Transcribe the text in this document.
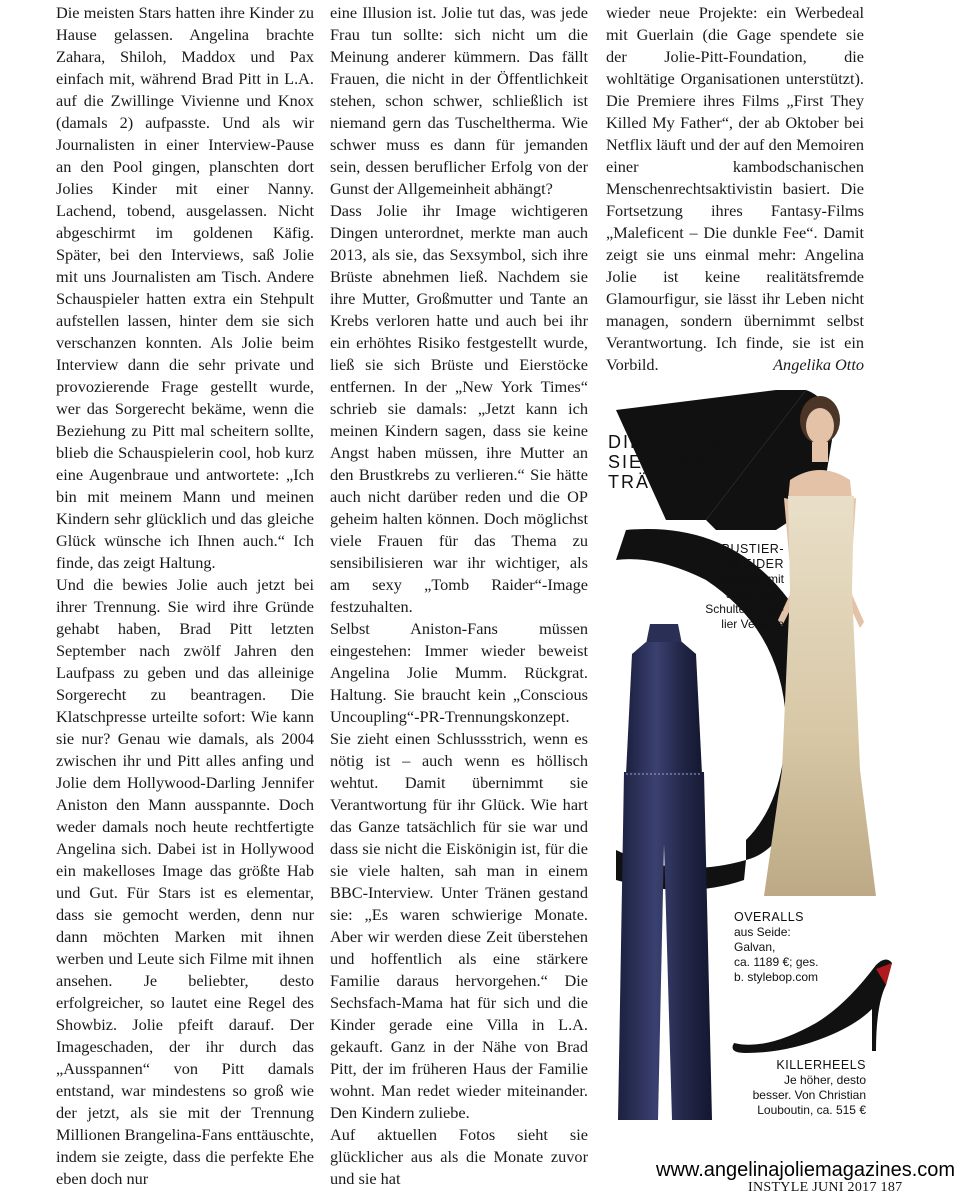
Die meisten Stars hatten ihre Kinder zu Hause gelassen. Angelina brachte Zahara, Shiloh, Maddox und Pax einfach mit, während Brad Pitt in L.A. auf die Zwillinge Vivienne und Knox (damals 2) aufpasste. Und als wir Journalisten in einer Interview-Pause an den Pool gingen, planschten dort Jolies Kinder mit einer Nanny. Lachend, tobend, ausgelassen. Nicht abgeschirmt im goldenen Käfig. Später, bei den Interviews, saß Jolie mit uns Journalisten am Tisch. Andere Schauspieler hatten extra ein Stehpult aufstellen lassen, hinter dem sie sich verschanzen konnten. Als Jolie beim Interview dann die sehr private und provozierende Frage gestellt wurde, wer das Sorgerecht bekäme, wenn die Beziehung zu Pitt mal scheitern sollte, blieb die Schauspielerin cool, hob kurz eine Augenbraue und antwortete: „Ich bin mit meinem Mann und meinen Kindern sehr glücklich und das gleiche Glück wünsche ich Ihnen auch.“ Ich finde, das zeigt Haltung.

Und die bewies Jolie auch jetzt bei ihrer Trennung. Sie wird ihre Gründe gehabt haben, Brad Pitt letzten September nach zwölf Jahren den Laufpass zu geben und das alleinige Sorgerecht zu beantragen. Die Klatschpresse urteilte sofort: Wie kann sie nur? Genau wie damals, als 2004 zwischen ihr und Pitt alles anfing und Jolie dem Hollywood-Darling Jennifer Aniston den Mann ausspannte. Doch weder damals noch heute rechtfertigte Angelina sich. Dabei ist in Hollywood ein makelloses Image das größte Hab und Gut. Für Stars ist es elementar, dass sie gemocht werden, denn nur dann möchten Marken mit ihnen werben und Leute sich Filme mit ihnen ansehen. Je beliebter, desto erfolgreicher, so lautet eine Regel des Showbiz. Jolie pfeift darauf. Der Imageschaden, der ihr durch das „Ausspannen“ von Pitt damals entstand, war mindestens so groß wie der jetzt, als sie mit der Trennung Millionen Brangelina-Fans enttäuschte, indem sie zeigte, dass die perfekte Ehe eben doch nur

eine Illusion ist. Jolie tut das, was jede Frau tun sollte: sich nicht um die Meinung anderer kümmern. Das fällt Frauen, die nicht in der Öffentlichkeit stehen, schon schwer, schließlich ist niemand gern das Tuscheltherma. Wie schwer muss es dann für jemanden sein, dessen beruflicher Erfolg von der Gunst der Allgemeinheit abhängt?

Dass Jolie ihr Image wichtigeren Dingen unterordnet, merkte man auch 2013, als sie, das Sexsymbol, sich ihre Brüste abnehmen ließ. Nachdem sie ihre Mutter, Großmutter und Tante an Krebs verloren hatte und auch bei ihr ein erhöhtes Risiko festgestellt wurde, ließ sie sich Brüste und Eierstöcke entfernen. In der „New York Times“ schrieb sie damals: „Jetzt kann ich meinen Kindern sagen, dass sie keine Angst haben müssen, ihre Mutter an den Brustkrebs zu verlieren.“ Sie hätte auch nicht darüber reden und die OP geheim halten können. Doch möglichst viele Frauen für das Thema zu sensibilisieren war ihr wichtiger, als am sexy „Tomb Raider“-Image festzuhalten.

Selbst Aniston-Fans müssen eingestehen: Immer wieder beweist Angelina Jolie Mumm. Rückgrat. Haltung. Sie braucht kein „Conscious Uncoupling“-PR-Trennungskonzept. Sie zieht einen Schlussstrich, wenn es nötig ist – auch wenn es höllisch wehtut. Damit übernimmt sie Verantwortung für ihr Glück. Wie hart das Ganze tatsächlich für sie war und dass sie nicht die Eiskönigin ist, für die sie viele halten, sah man in einem BBC-Interview. Unter Tränen gestand sie: „Es waren schwierige Monate. Aber wir werden diese Zeit überstehen und hoffentlich als eine stärkere Familie daraus hervorgehen.“ Die Sechsfach-Mama hat für sich und die Kinder gerade eine Villa in L.A. gekauft. Ganz in der Nähe von Brad Pitt, der im früheren Haus der Familie wohnt. Man redet wieder miteinander. Den Kindern zuliebe.

Auf aktuellen Fotos sieht sie glücklicher aus als die Monate zuvor und sie hat

wieder neue Projekte: ein Werbedeal mit Guerlain (die Gage spendete sie der Jolie-Pitt-Foundation, die wohltätige Organisationen unterstützt). Die Premiere ihres Films „First They Killed My Father“, der ab Oktober bei Netflix läuft und der auf den Memoiren einer kambodschanischen Menschenrechtsaktivistin basiert. Die Fortsetzung ihres Fantasy-Films „Maleficent – Die dunkle Fee“. Damit zeigt sie uns einmal mehr: Angelina Jolie ist keine realitätsfremde Glamourfigur, sie lässt ihr Leben nicht managen, sondern übernimmt selbst Verantwortung. Ich finde, sie ist ein Vorbild.	Angelika Otto

DINGE, DIE
SIE GERN
TRÄGT
BUSTIER-
KLEIDER
Elegant, mit
sexy freien
Schultern: Ate-
lier Versace
OVERALLS
aus Seide: Galvan,
ca. 1189 €; ges.
b. stylebop.com
KILLERHEELS
Je höher, desto
besser. Von Christian
Louboutin, ca. 515 €
www.angelinajoliemagazines.com
INSTYLE JUNI 2017 187
